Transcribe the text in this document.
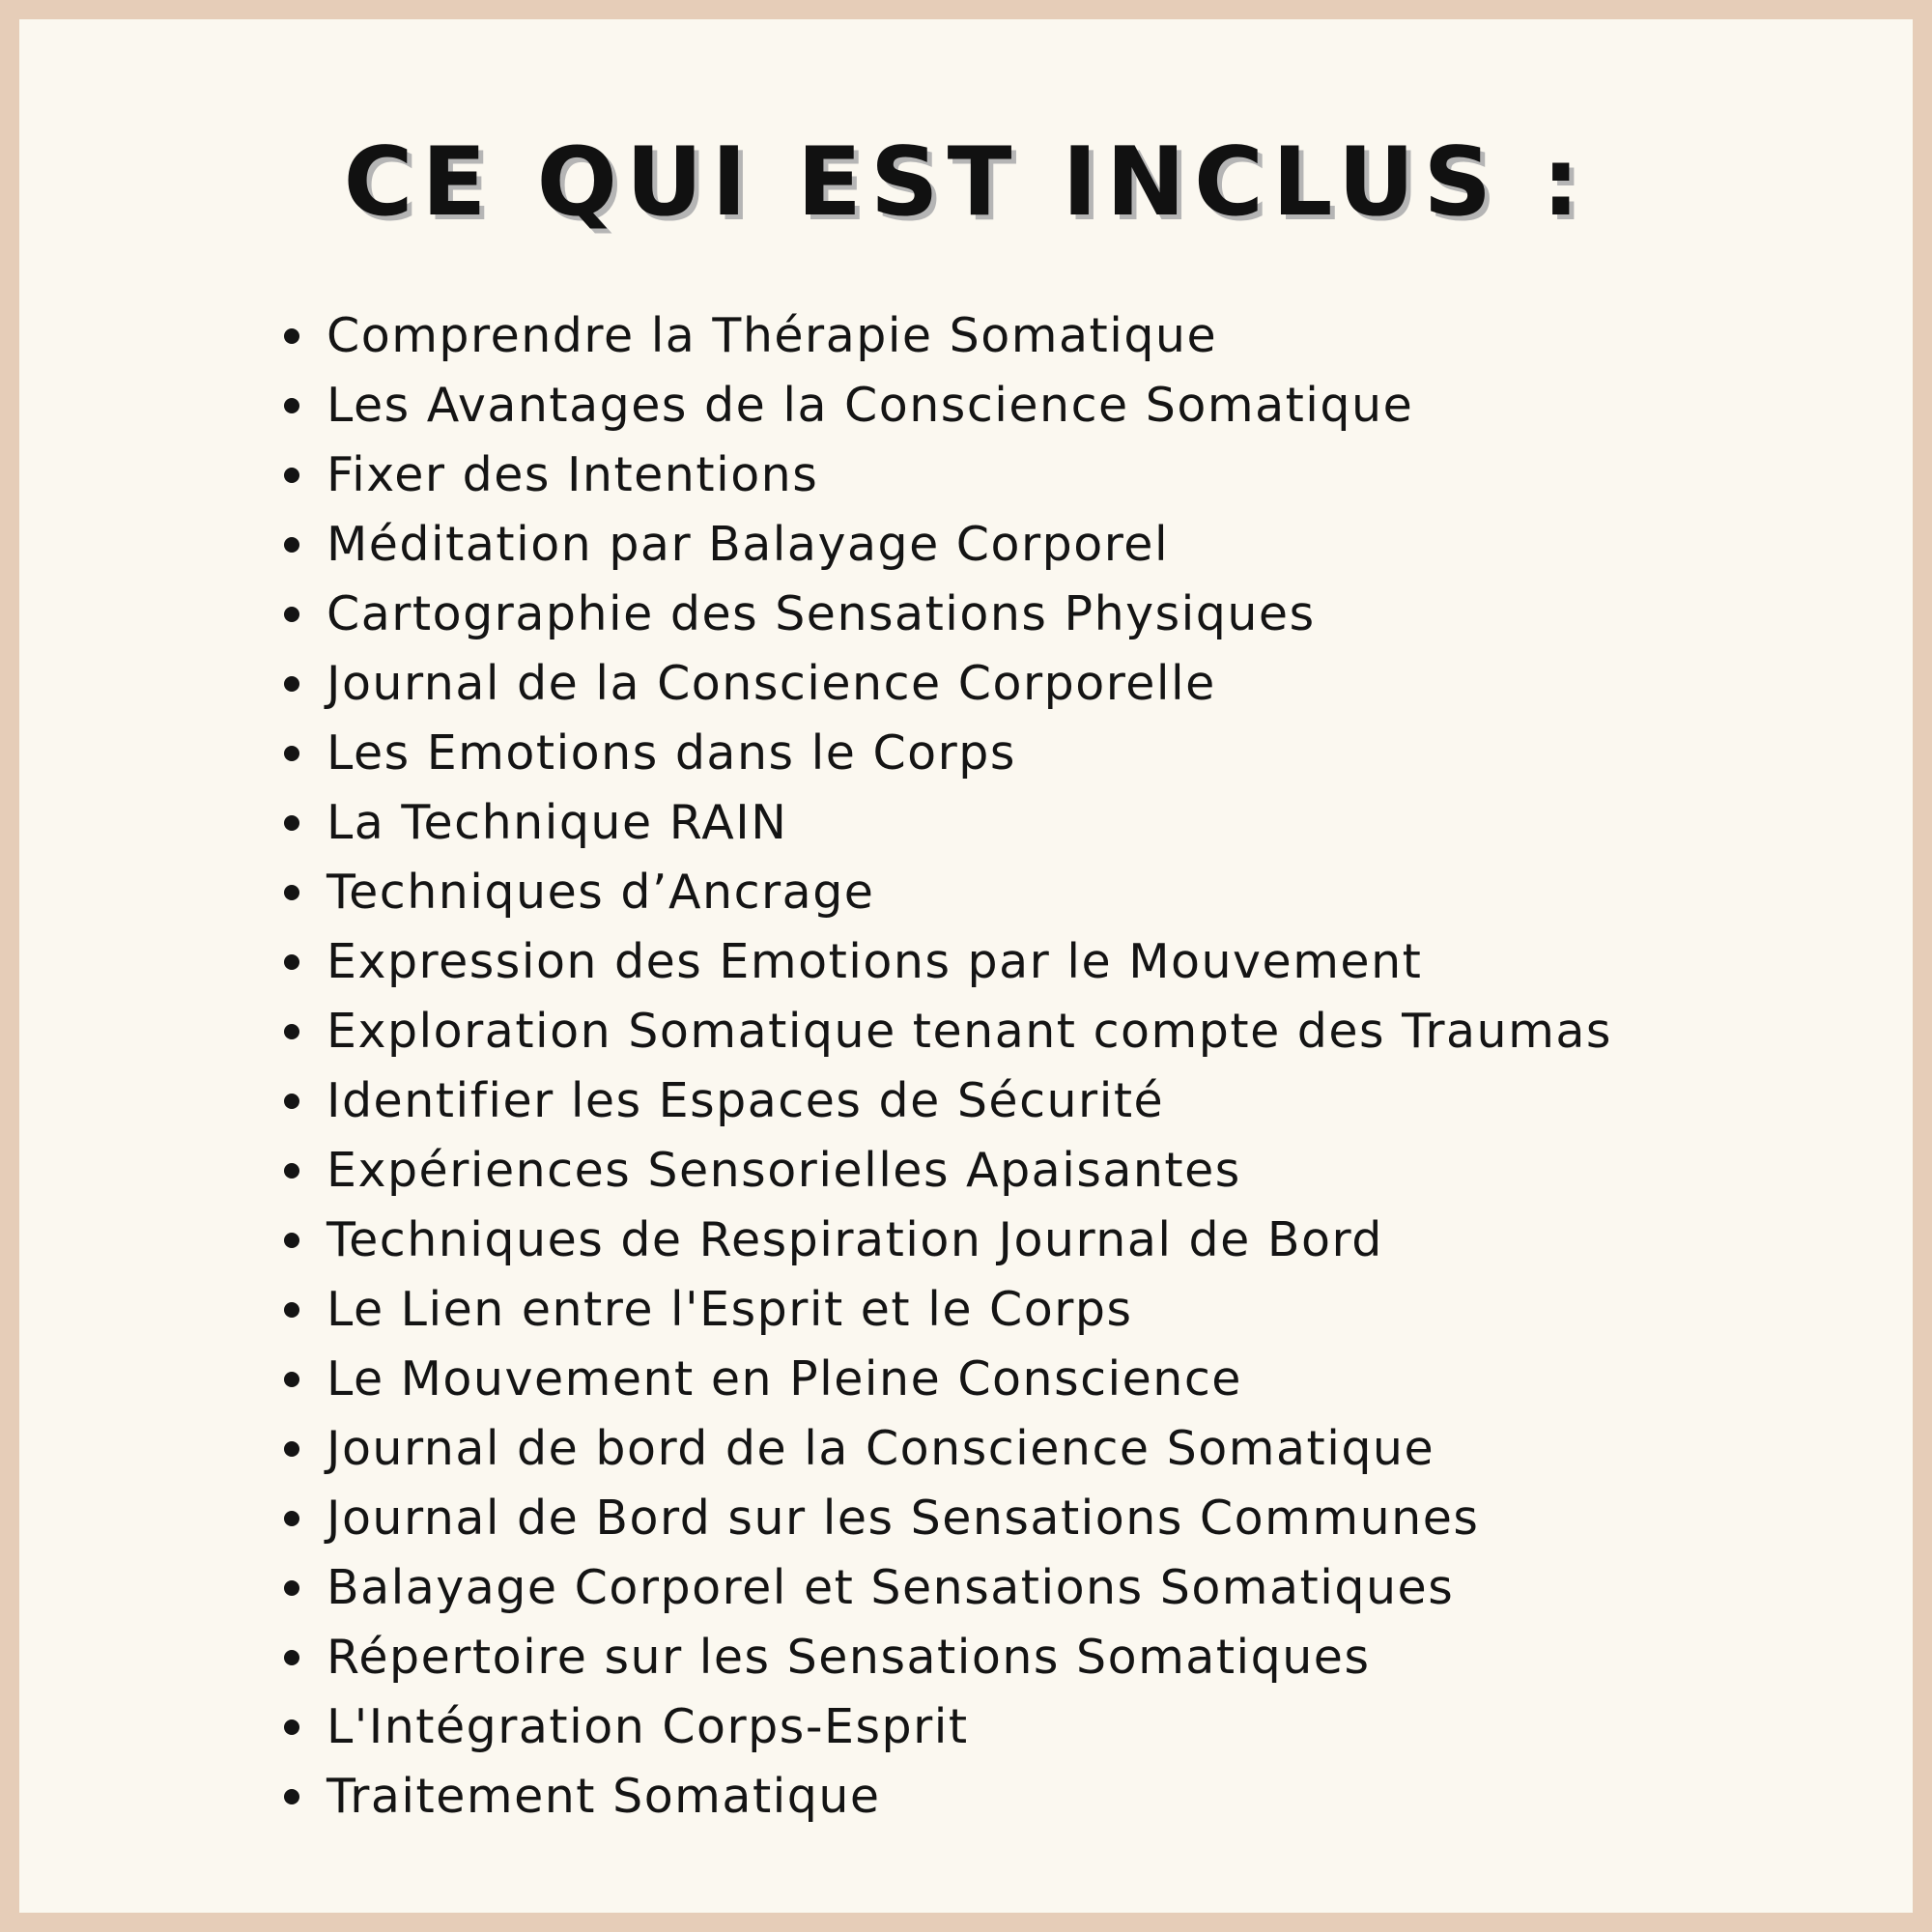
CE QUI EST INCLUS :
Comprendre la Thérapie Somatique
Les Avantages de la Conscience Somatique
Fixer des Intentions
Méditation par Balayage Corporel
Cartographie des Sensations Physiques
Journal de la Conscience Corporelle
Les Emotions dans le Corps
La Technique RAIN
Techniques d’Ancrage
Expression des Emotions par le Mouvement
Exploration Somatique tenant compte des Traumas
Identifier les Espaces de Sécurité
Expériences Sensorielles Apaisantes
Techniques de Respiration Journal de Bord
Le Lien entre l'Esprit et le Corps
Le Mouvement en Pleine Conscience
Journal de bord de la Conscience Somatique
Journal de Bord sur les Sensations Communes
Balayage Corporel et Sensations Somatiques
Répertoire sur les Sensations Somatiques
L'Intégration Corps-Esprit
Traitement Somatique
